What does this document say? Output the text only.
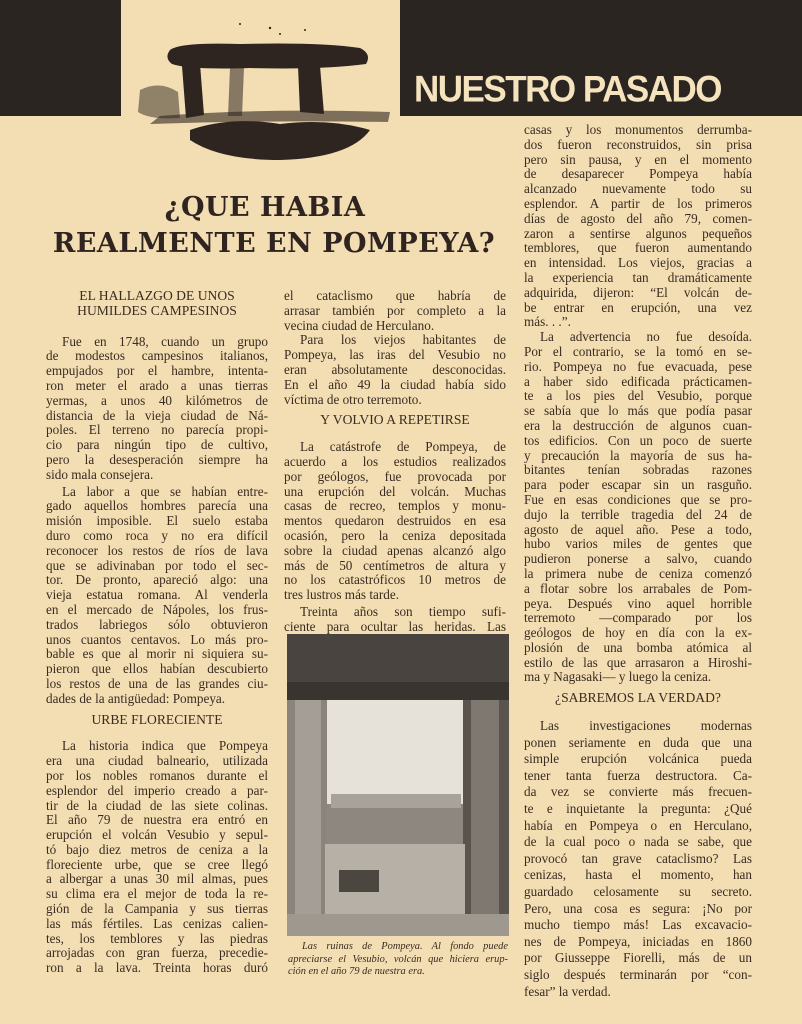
NUESTRO PASADO
¿QUE HABIA
REALMENTE EN POMPEYA?
EL HALLAZGO DE UNOS
HUMILDES CAMPESINOS
Fue en 1748, cuando un grupo
de modestos campesinos italianos,
empujados por el hambre, intenta-
ron meter el arado a unas tierras
yermas, a unos 40 kilómetros de
distancia de la vieja ciudad de Ná-
poles. El terreno no parecía propi-
cio para ningún tipo de cultivo,
pero la desesperación siempre ha
sido mala consejera.
La labor a que se habían entre-
gado aquellos hombres parecía una
misión imposible. El suelo estaba
duro como roca y no era difícil
reconocer los restos de ríos de lava
que se adivinaban por todo el sec-
tor. De pronto, apareció algo: una
vieja estatua romana. Al venderla
en el mercado de Nápoles, los frus-
trados labriegos sólo obtuvieron
unos cuantos centavos. Lo más pro-
bable es que al morir ni siquiera su-
pieron que ellos habían descubierto
los restos de una de las grandes ciu-
dades de la antigüedad: Pompeya.
URBE FLORECIENTE
La historia indica que Pompeya
era una ciudad balneario, utilizada
por los nobles romanos durante el
esplendor del imperio creado a par-
tir de la ciudad de las siete colinas.
El año 79 de nuestra era entró en
erupción el volcán Vesubio y sepul-
tó bajo diez metros de ceniza a la
floreciente urbe, que se cree llegó
a albergar a unas 30 mil almas, pues
su clima era el mejor de toda la re-
gión de la Campania y sus tierras
las más fértiles. Las cenizas calien-
tes, los temblores y las piedras
arrojadas con gran fuerza, precedie-
ron a la lava. Treinta horas duró
el cataclismo que habría de
arrasar también por completo a la
vecina ciudad de Herculano.
Para los viejos habitantes de
Pompeya, las iras del Vesubio no
eran absolutamente desconocidas.
En el año 49 la ciudad había sido
víctima de otro terremoto.
Y VOLVIO A REPETIRSE
La catástrofe de Pompeya, de
acuerdo a los estudios realizados
por geólogos, fue provocada por
una erupción del volcán. Muchas
casas de recreo, templos y monu-
mentos quedaron destruidos en esa
ocasión, pero la ceniza depositada
sobre la ciudad apenas alcanzó algo
más de 50 centímetros de altura y
no los catastróficos 10 metros de
tres lustros más tarde.
Treinta años son tiempo sufi-
ciente para ocultar las heridas. Las
casas y los monumentos derrumba-
dos fueron reconstruidos, sin prisa
pero sin pausa, y en el momento
de desaparecer Pompeya había
alcanzado nuevamente todo su
esplendor. A partir de los primeros
días de agosto del año 79, comen-
zaron a sentirse algunos pequeños
temblores, que fueron aumentando
en intensidad. Los viejos, gracias a
la experiencia tan dramáticamente
adquirida, dijeron: “El volcán de-
be entrar en erupción, una vez
más. . .”.
La advertencia no fue desoída.
Por el contrario, se la tomó en se-
rio. Pompeya no fue evacuada, pese
a haber sido edificada prácticamen-
te a los pies del Vesubio, porque
se sabía que lo más que podía pasar
era la destrucción de algunos cuan-
tos edificios. Con un poco de suerte
y precaución la mayoría de sus ha-
bitantes tenían sobradas razones
para poder escapar sin un rasguño.
Fue en esas condiciones que se pro-
dujo la terrible tragedia del 24 de
agosto de aquel año. Pese a todo,
hubo varios miles de gentes que
pudieron ponerse a salvo, cuando
la primera nube de ceniza comenzó
a flotar sobre los arrabales de Pom-
peya. Después vino aquel horrible
terremoto —comparado por los
geólogos de hoy en día con la ex-
plosión de una bomba atómica al
estilo de las que arrasaron a Hiroshi-
ma y Nagasaki— y luego la ceniza.
¿SABREMOS LA VERDAD?
Las investigaciones modernas
ponen seriamente en duda que una
simple erupción volcánica pueda
tener tanta fuerza destructora. Ca-
da vez se convierte más frecuen-
te e inquietante la pregunta: ¿Qué
había en Pompeya o en Herculano,
de la cual poco o nada se sabe, que
provocó tan grave cataclismo? Las
cenizas, hasta el momento, han
guardado celosamente su secreto.
Pero, una cosa es segura: ¡No por
mucho tiempo más! Las excavacio-
nes de Pompeya, iniciadas en 1860
por Giusseppe Fiorelli, más de un
siglo después terminarán por “con-
fesar” la verdad.
Las ruinas de Pompeya. Al fondo puede
apreciarse el Vesubio, volcán que hiciera erup-
ción en el año 79 de nuestra era.
